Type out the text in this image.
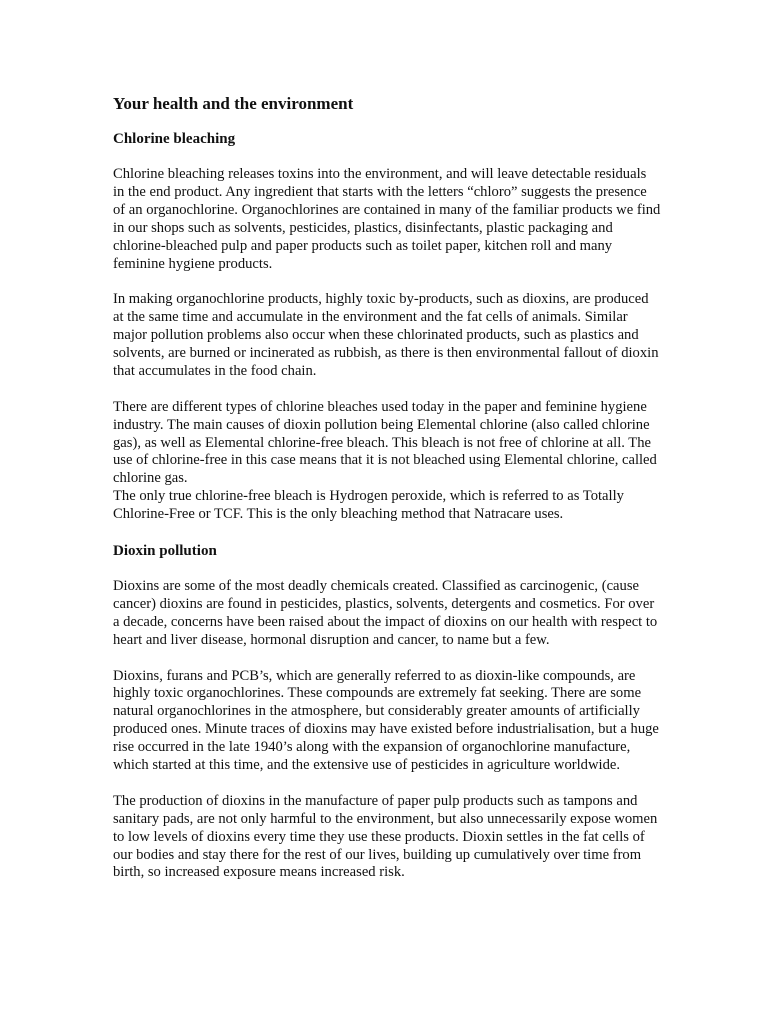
Your health and the environment
Chlorine bleaching

Chlorine bleaching releases toxins into the environment, and will leave detectable residuals in the end product. Any ingredient that starts with the letters “chloro” suggests the presence of an organochlorine. Organochlorines are contained in many of the familiar products we find in our shops such as solvents, pesticides, plastics, disinfectants, plastic packaging and chlorine-bleached pulp and paper products such as toilet paper, kitchen roll and many feminine hygiene products.

In making organochlorine products, highly toxic by-products, such as dioxins, are produced at the same time and accumulate in the environment and the fat cells of animals. Similar major pollution problems also occur when these chlorinated products, such as plastics and solvents, are burned or incinerated as rubbish, as there is then environmental fallout of dioxin that accumulates in the food chain.

There are different types of chlorine bleaches used today in the paper and feminine hygiene industry. The main causes of dioxin pollution being Elemental chlorine (also called chlorine gas), as well as Elemental chlorine-free bleach. This bleach is not free of chlorine at all. The use of chlorine-free in this case means that it is not bleached using Elemental chlorine, called chlorine gas.

The only true chlorine-free bleach is Hydrogen peroxide, which is referred to as Totally Chlorine-Free or TCF. This is the only bleaching method that Natracare uses.

Dioxin pollution

Dioxins are some of the most deadly chemicals created. Classified as carcinogenic, (cause cancer) dioxins are found in pesticides, plastics, solvents, detergents and cosmetics. For over a decade, concerns have been raised about the impact of dioxins on our health with respect to heart and liver disease, hormonal disruption and cancer, to name but a few.

Dioxins, furans and PCB’s, which are generally referred to as dioxin-like compounds, are highly toxic organochlorines. These compounds are extremely fat seeking. There are some natural organochlorines in the atmosphere, but considerably greater amounts of artificially produced ones. Minute traces of dioxins may have existed before industrialisation, but a huge rise occurred in the late 1940’s along with the expansion of organochlorine manufacture, which started at this time, and the extensive use of pesticides in agriculture worldwide.

The production of dioxins in the manufacture of paper pulp products such as tampons and sanitary pads, are not only harmful to the environment, but also unnecessarily expose women to low levels of dioxins every time they use these products. Dioxin settles in the fat cells of our bodies and stay there for the rest of our lives, building up cumulatively over time from birth, so increased exposure means increased risk.
